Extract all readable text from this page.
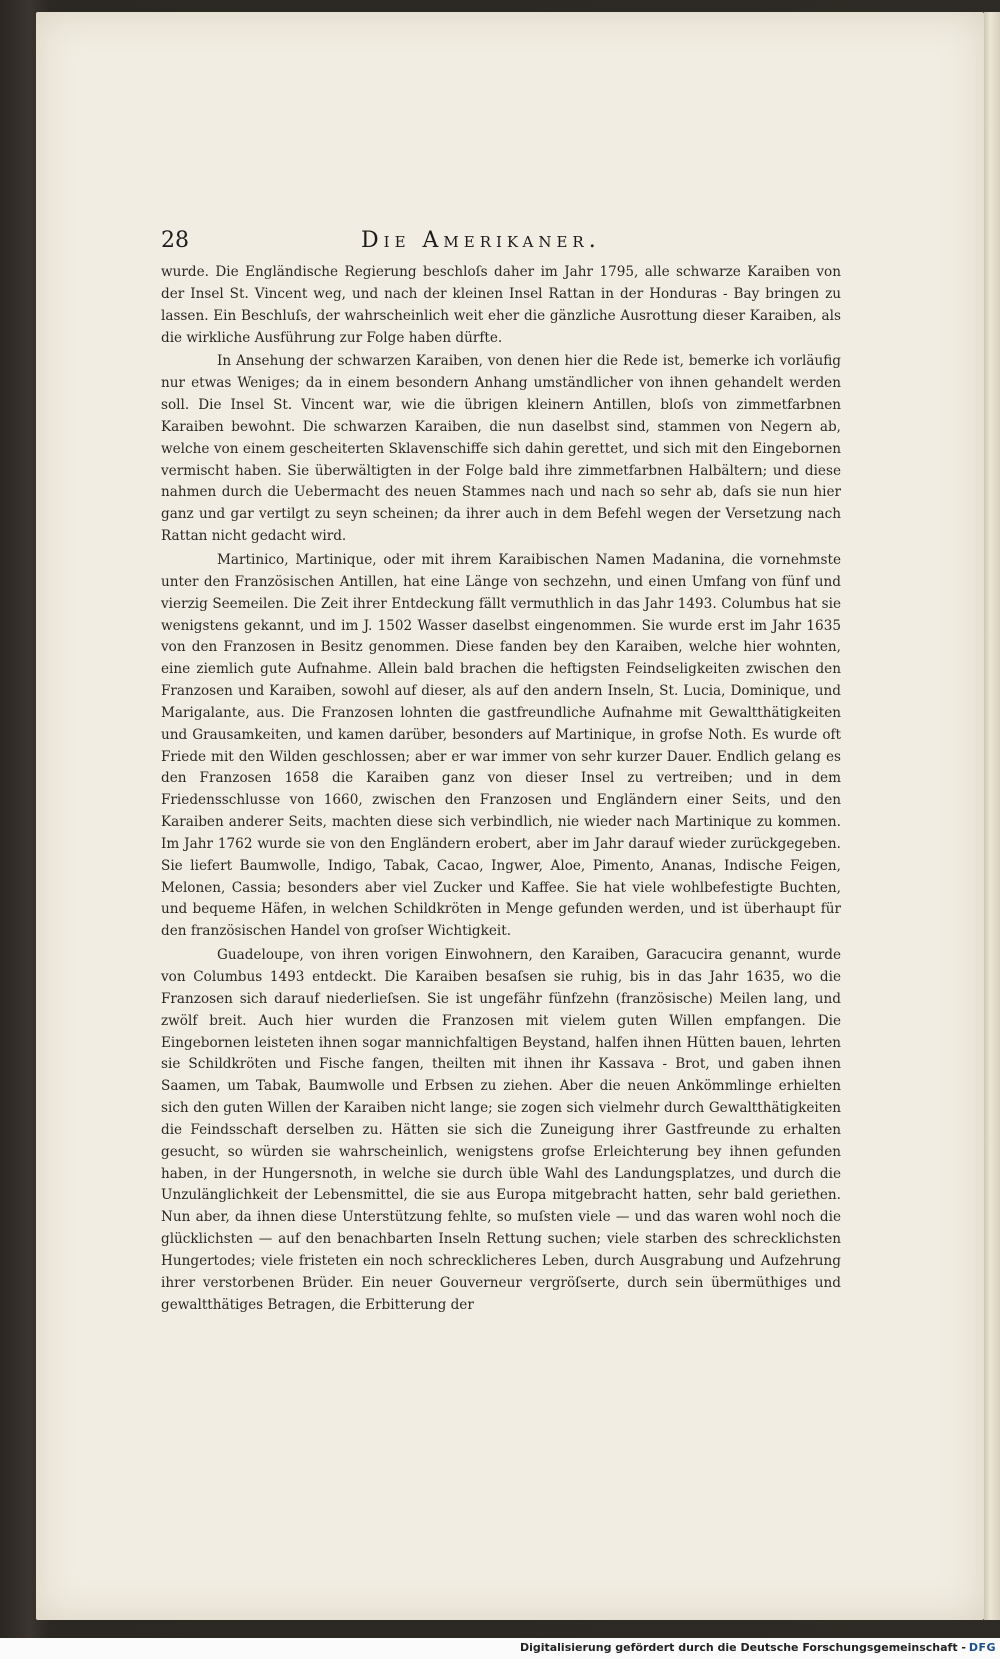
28	Die Amerikaner.

wurde. Die Engländische Regierung beschloſs daher im Jahr 1795, alle schwarze Karaiben von der Insel St. Vincent weg, und nach der kleinen Insel Rattan in der Honduras - Bay bringen zu lassen. Ein Beschluſs, der wahrscheinlich weit eher die gänzliche Ausrottung dieser Karaiben, als die wirkliche Ausführung zur Folge haben dürfte.

In Ansehung der schwarzen Karaiben, von denen hier die Rede ist, bemerke ich vorläufig nur etwas Weniges; da in einem besondern Anhang umständlicher von ihnen gehandelt werden soll. Die Insel St. Vincent war, wie die übrigen kleinern Antillen, bloſs von zimmetfarbnen Karaiben bewohnt. Die schwarzen Karaiben, die nun daselbst sind, stammen von Negern ab, welche von einem gescheiterten Sklavenschiffe sich dahin gerettet, und sich mit den Eingebornen vermischt haben. Sie überwältigten in der Folge bald ihre zimmetfarbnen Halbältern; und diese nahmen durch die Uebermacht des neuen Stammes nach und nach so sehr ab, daſs sie nun hier ganz und gar vertilgt zu seyn scheinen; da ihrer auch in dem Befehl wegen der Versetzung nach Rattan nicht gedacht wird.

Martinico, Martinique, oder mit ihrem Karaibischen Namen Madanina, die vornehmste unter den Französischen Antillen, hat eine Länge von sechzehn, und einen Umfang von fünf und vierzig Seemeilen. Die Zeit ihrer Entdeckung fällt vermuthlich in das Jahr 1493. Columbus hat sie wenigstens gekannt, und im J. 1502 Wasser daselbst eingenommen. Sie wurde erst im Jahr 1635 von den Franzosen in Besitz genommen. Diese fanden bey den Karaiben, welche hier wohnten, eine ziemlich gute Aufnahme. Allein bald brachen die heftigsten Feindseligkeiten zwischen den Franzosen und Karaiben, sowohl auf dieser, als auf den andern Inseln, St. Lucia, Dominique, und Marigalante, aus. Die Franzosen lohnten die gastfreundliche Aufnahme mit Gewaltthätigkeiten und Grausamkeiten, und kamen darüber, besonders auf Martinique, in grofse Noth. Es wurde oft Friede mit den Wilden geschlossen; aber er war immer von sehr kurzer Dauer. Endlich gelang es den Franzosen 1658 die Karaiben ganz von dieser Insel zu vertreiben; und in dem Friedensschlusse von 1660, zwischen den Franzosen und Engländern einer Seits, und den Karaiben anderer Seits, machten diese sich verbindlich, nie wieder nach Martinique zu kommen. Im Jahr 1762 wurde sie von den Engländern erobert, aber im Jahr darauf wieder zurückgegeben. Sie liefert Baumwolle, Indigo, Tabak, Cacao, Ingwer, Aloe, Pimento, Ananas, Indische Feigen, Melonen, Cassia; besonders aber viel Zucker und Kaffee. Sie hat viele wohlbefestigte Buchten, und bequeme Häfen, in welchen Schildkröten in Menge gefunden werden, und ist überhaupt für den französischen Handel von groſser Wichtigkeit.

Guadeloupe, von ihren vorigen Einwohnern, den Karaiben, Garacucira genannt, wurde von Columbus 1493 entdeckt. Die Karaiben besaſsen sie ruhig, bis in das Jahr 1635, wo die Franzosen sich darauf niederlieſsen. Sie ist ungefähr fünfzehn (französische) Meilen lang, und zwölf breit. Auch hier wurden die Franzosen mit vielem guten Willen empfangen. Die Eingebornen leisteten ihnen sogar mannichfaltigen Beystand, halfen ihnen Hütten bauen, lehrten sie Schildkröten und Fische fangen, theilten mit ihnen ihr Kassava - Brot, und gaben ihnen Saamen, um Tabak, Baumwolle und Erbsen zu ziehen. Aber die neuen Ankömmlinge erhielten sich den guten Willen der Karaiben nicht lange; sie zogen sich vielmehr durch Gewaltthätigkeiten die Feindsschaft derselben zu. Hätten sie sich die Zuneigung ihrer Gastfreunde zu erhalten gesucht, so würden sie wahrscheinlich, wenigstens grofse Erleichterung bey ihnen gefunden haben, in der Hungersnoth, in welche sie durch üble Wahl des Landungsplatzes, und durch die Unzulänglichkeit der Lebensmittel, die sie aus Europa mitgebracht hatten, sehr bald geriethen. Nun aber, da ihnen diese Unterstützung fehlte, so muſsten viele — und das waren wohl noch die glücklichsten — auf den benachbarten Inseln Rettung suchen; viele starben des schrecklichsten Hungertodes; viele fristeten ein noch schrecklicheres Leben, durch Ausgrabung und Aufzehrung ihrer verstorbenen Brüder. Ein neuer Gouverneur vergröſserte, durch sein übermüthiges und gewaltthätiges Betragen, die Erbitterung der

Digitalisierung gefördert durch die Deutsche Forschungsgemeinschaft - DFG
